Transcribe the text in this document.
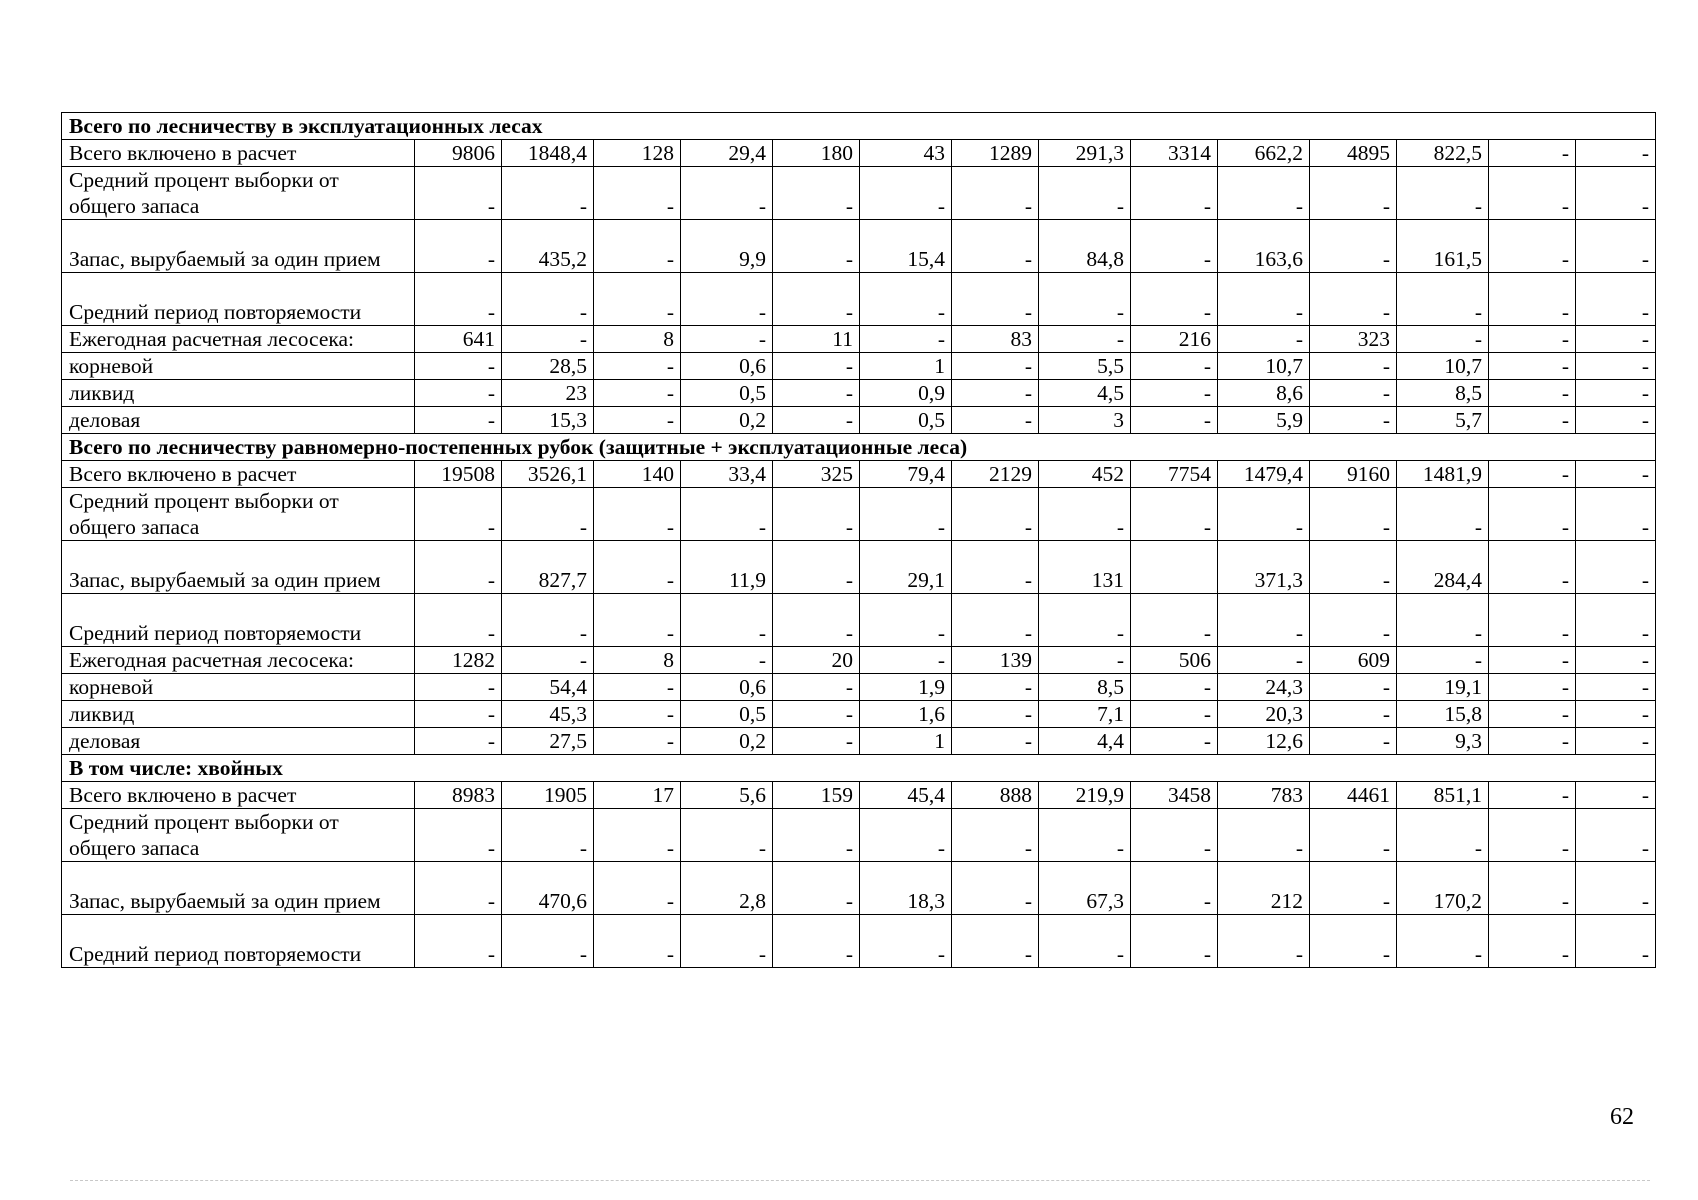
Всего по лесничеству в эксплуатационных лесах														
Всего включено в расчет	9806	1848,4	128	29,4	180	43	1289	291,3	3314	662,2	4895	822,5	-	-
Средний процент выборки от общего запаса	-	-	-	-	-	-	-	-	-	-	-	-	-	-
Запас, вырубаемый за один прием	-	435,2	-	9,9	-	15,4	-	84,8	-	163,6	-	161,5	-	-
Средний период повторяемости	-	-	-	-	-	-	-	-	-	-	-	-	-	-
Ежегодная расчетная лесосека:	641	-	8	-	11	-	83	-	216	-	323	-	-	-
корневой	-	28,5	-	0,6	-	1	-	5,5	-	10,7	-	10,7	-	-
ликвид	-	23	-	0,5	-	0,9	-	4,5	-	8,6	-	8,5	-	-
деловая	-	15,3	-	0,2	-	0,5	-	3	-	5,9	-	5,7	-	-
Всего по лесничеству равномерно-постепенных рубок (защитные + эксплуатационные леса)														
Всего включено в расчет	19508	3526,1	140	33,4	325	79,4	2129	452	7754	1479,4	9160	1481,9	-	-
Средний процент выборки от общего запаса	-	-	-	-	-	-	-	-	-	-	-	-	-	-
Запас, вырубаемый за один прием	-	827,7	-	11,9	-	29,1	-	131		371,3	-	284,4	-	-
Средний период повторяемости	-	-	-	-	-	-	-	-	-	-	-	-	-	-
Ежегодная расчетная лесосека:	1282	-	8	-	20	-	139	-	506	-	609	-	-	-
корневой	-	54,4	-	0,6	-	1,9	-	8,5	-	24,3	-	19,1	-	-
ликвид	-	45,3	-	0,5	-	1,6	-	7,1	-	20,3	-	15,8	-	-
деловая	-	27,5	-	0,2	-	1	-	4,4	-	12,6	-	9,3	-	-
В том числе: хвойных														
Всего включено в расчет	8983	1905	17	5,6	159	45,4	888	219,9	3458	783	4461	851,1	-	-
Средний процент выборки от общего запаса	-	-	-	-	-	-	-	-	-	-	-	-	-	-
Запас, вырубаемый за один прием	-	470,6	-	2,8	-	18,3	-	67,3	-	212	-	170,2	-	-
Средний период повторяемости	-	-	-	-	-	-	-	-	-	-	-	-	-	-
62
